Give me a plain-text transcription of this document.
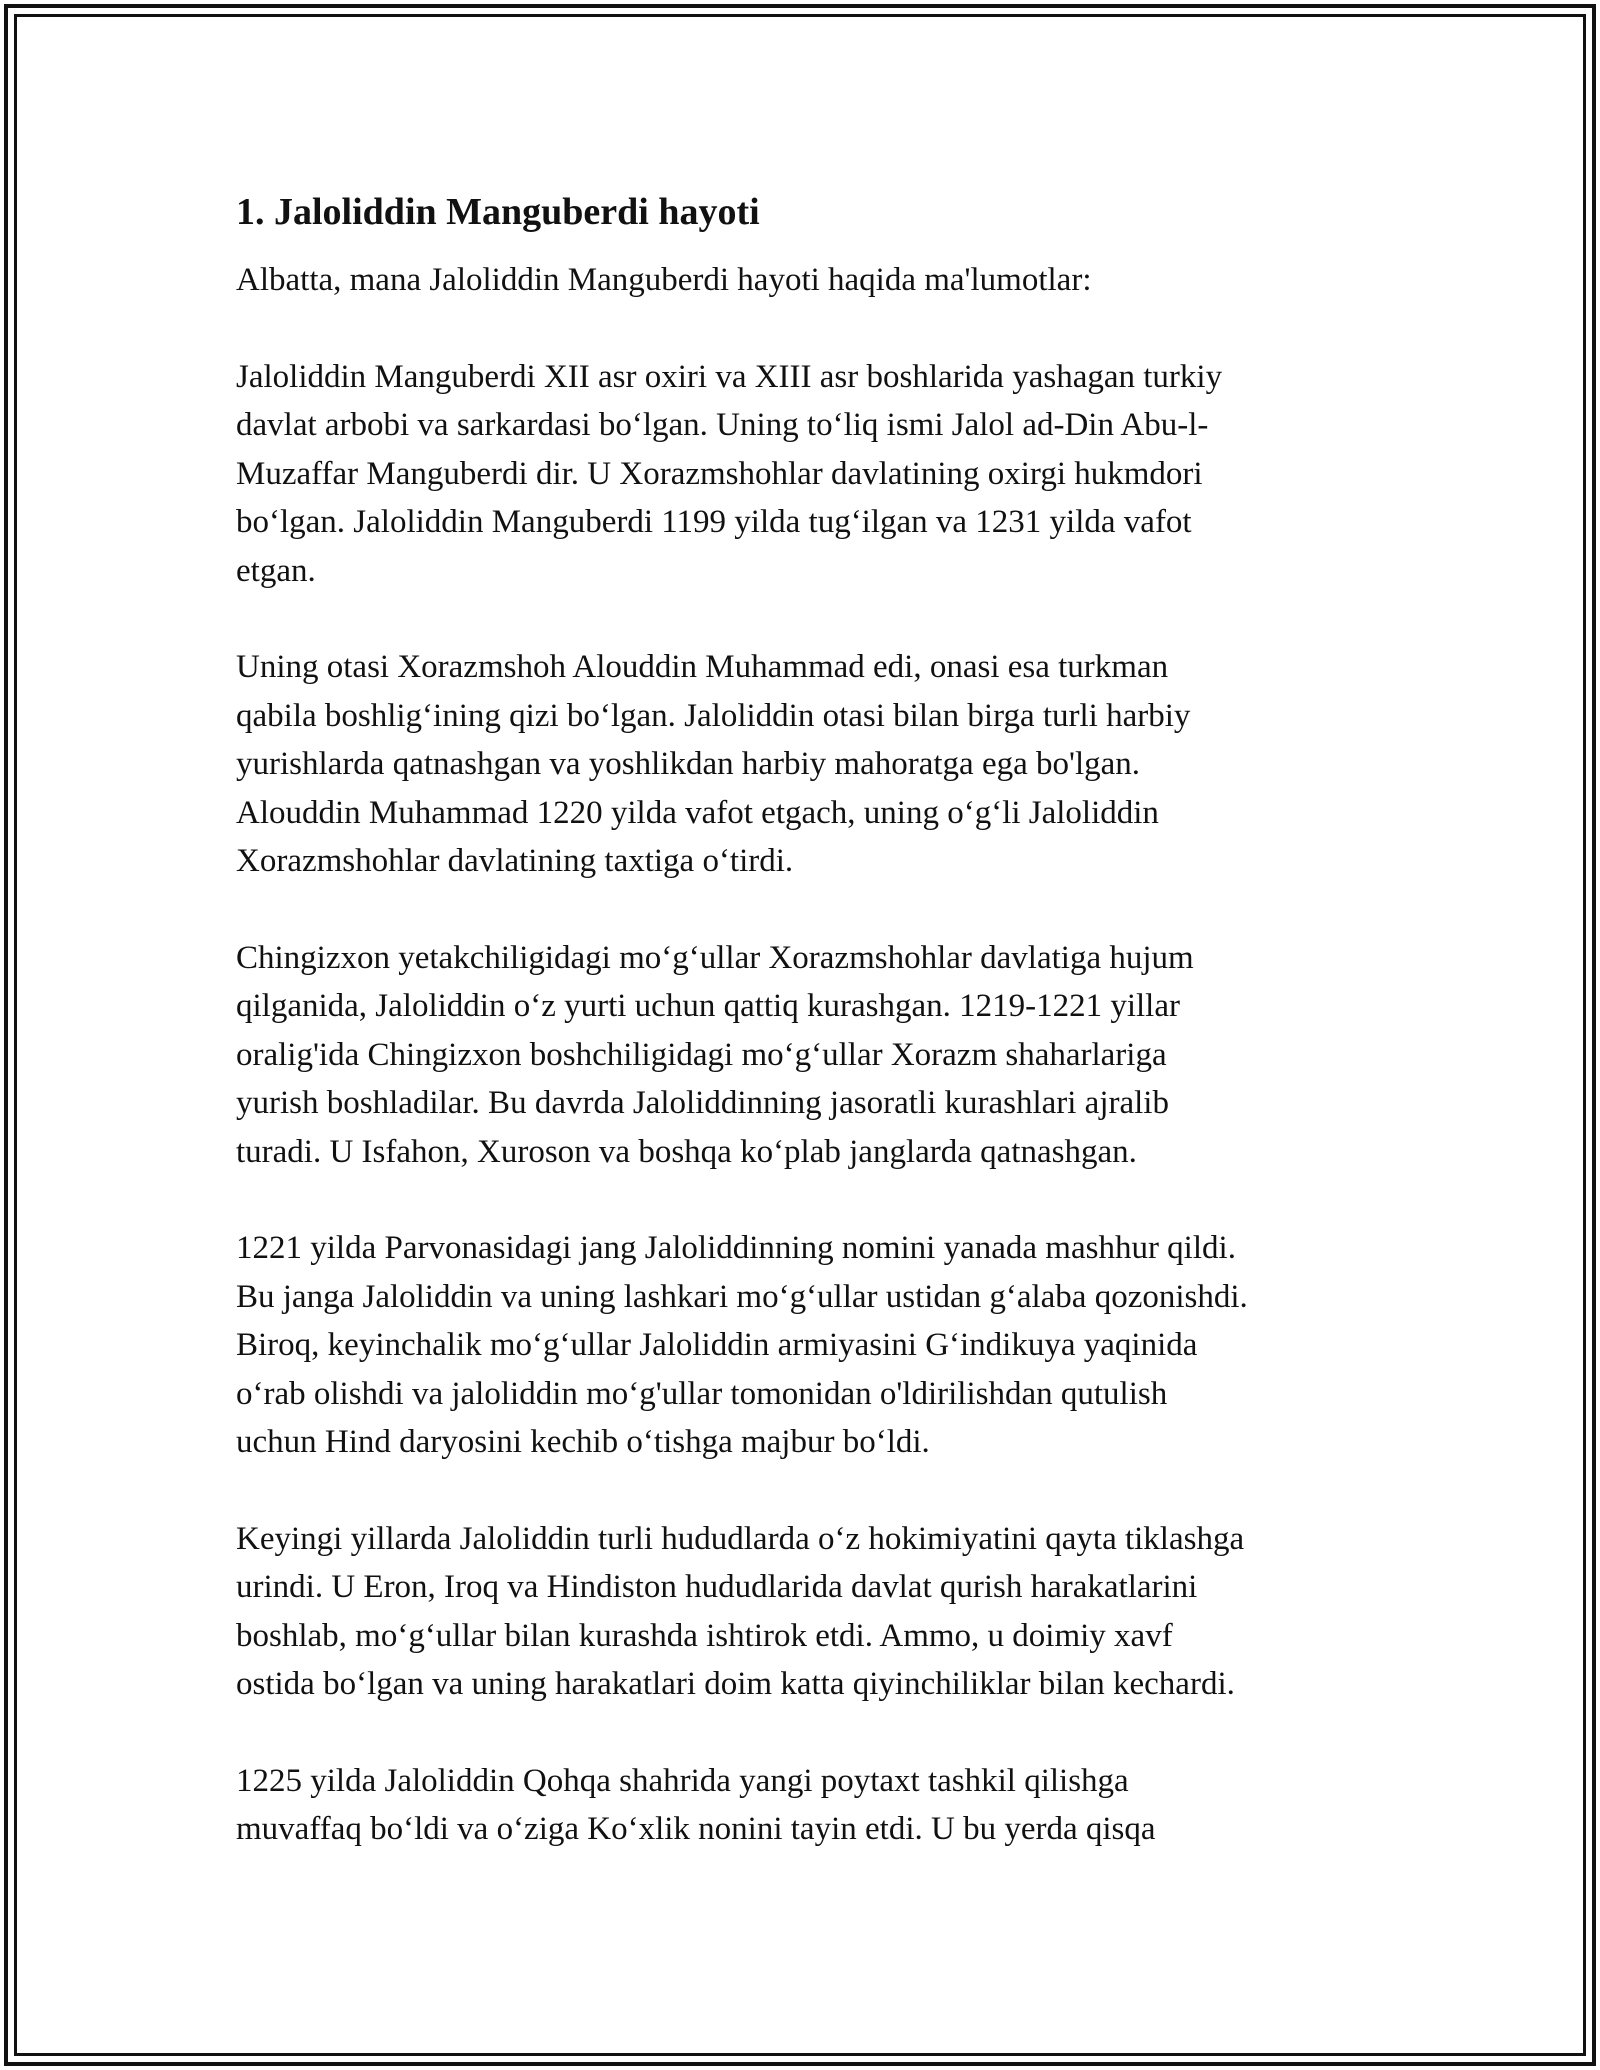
1. Jaloliddin Manguberdi hayoti

Albatta, mana Jaloliddin Manguberdi hayoti haqida ma'lumotlar:

Jaloliddin Manguberdi XII asr oxiri va XIII asr boshlarida yashagan turkiy
davlat arbobi va sarkardasi bo‘lgan. Uning to‘liq ismi Jalol ad-Din Abu-l-
Muzaffar Manguberdi dir. U Xorazmshohlar davlatining oxirgi hukmdori
bo‘lgan. Jaloliddin Manguberdi 1199 yilda tug‘ilgan va 1231 yilda vafot
etgan.

Uning otasi Xorazmshoh Alouddin Muhammad edi, onasi esa turkman
qabila boshlig‘ining qizi bo‘lgan. Jaloliddin otasi bilan birga turli harbiy
yurishlarda qatnashgan va yoshlikdan harbiy mahoratga ega bo'lgan.
Alouddin Muhammad 1220 yilda vafot etgach, uning o‘g‘li Jaloliddin
Xorazmshohlar davlatining taxtiga o‘tirdi.

Chingizxon yetakchiligidagi mo‘g‘ullar Xorazmshohlar davlatiga hujum
qilganida, Jaloliddin o‘z yurti uchun qattiq kurashgan. 1219-1221 yillar
oralig'ida Chingizxon boshchiligidagi mo‘g‘ullar Xorazm shaharlariga
yurish boshladilar. Bu davrda Jaloliddinning jasoratli kurashlari ajralib
turadi. U Isfahon, Xuroson va boshqa ko‘plab janglarda qatnashgan.

1221 yilda Parvonasidagi jang Jaloliddinning nomini yanada mashhur qildi.
Bu janga Jaloliddin va uning lashkari mo‘g‘ullar ustidan g‘alaba qozonishdi.
Biroq, keyinchalik mo‘g‘ullar Jaloliddin armiyasini G‘indikuya yaqinida
o‘rab olishdi va jaloliddin mo‘g'ullar tomonidan o'ldirilishdan qutulish
uchun Hind daryosini kechib o‘tishga majbur bo‘ldi.

Keyingi yillarda Jaloliddin turli hududlarda o‘z hokimiyatini qayta tiklashga
urindi. U Eron, Iroq va Hindiston hududlarida davlat qurish harakatlarini
boshlab, mo‘g‘ullar bilan kurashda ishtirok etdi. Ammo, u doimiy xavf
ostida bo‘lgan va uning harakatlari doim katta qiyinchiliklar bilan kechardi.

1225 yilda Jaloliddin Qohqa shahrida yangi poytaxt tashkil qilishga
muvaffaq bo‘ldi va o‘ziga Ko‘xlik nonini tayin etdi. U bu yerda qisqa
